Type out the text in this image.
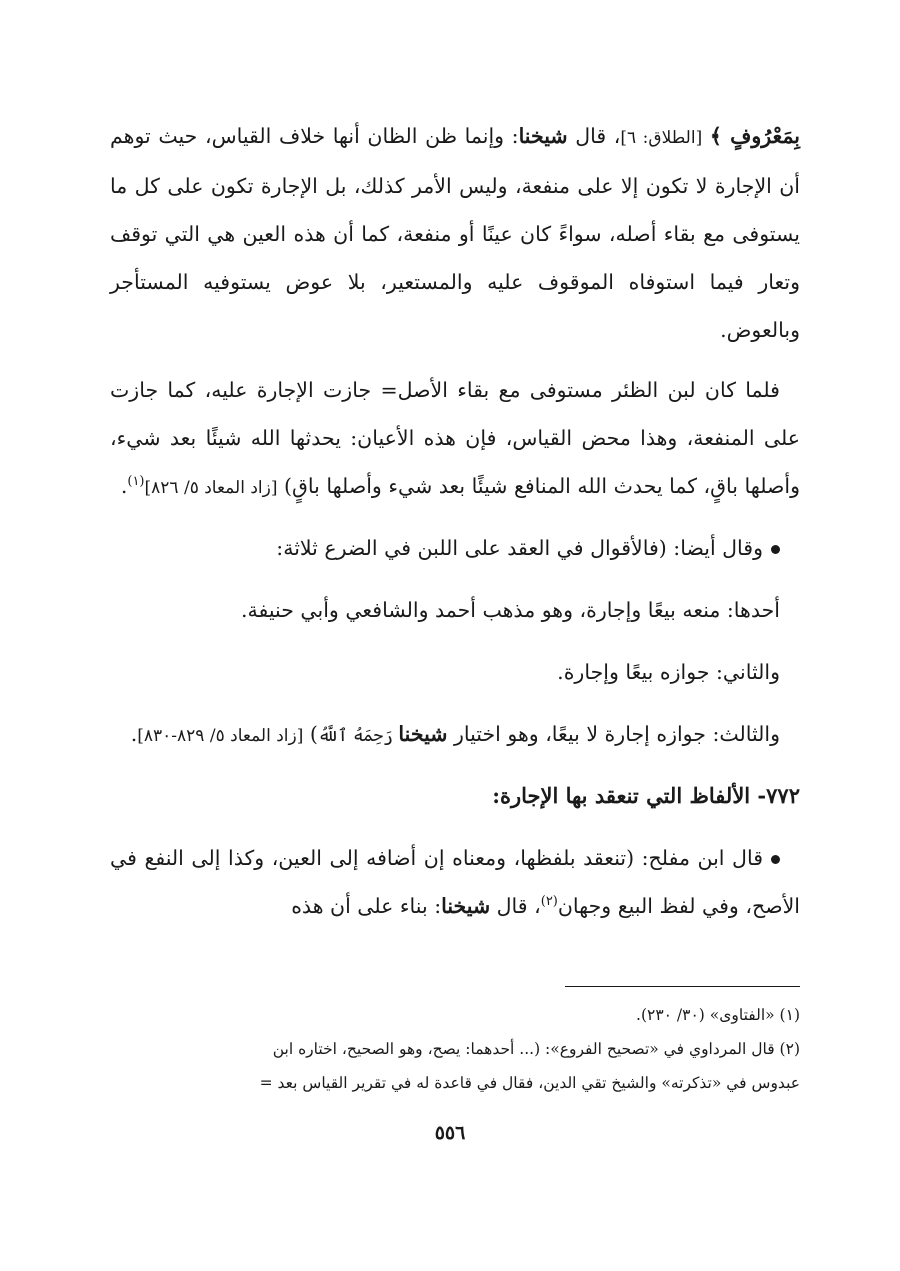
بِمَعْرُوفٍ ﴾ [الطلاق: ٦]، قال شيخنا: وإنما ظن الظان أنها خلاف القياس، حيث توهم أن الإجارة لا تكون إلا على منفعة، وليس الأمر كذلك، بل الإجارة تكون على كل ما يستوفى مع بقاء أصله، سواءً كان عينًا أو منفعة، كما أن هذه العين هي التي توقف وتعار فيما استوفاه الموقوف عليه والمستعير، بلا عوض يستوفيه المستأجر وبالعوض.

فلما كان لبن الظئر مستوفى مع بقاء الأصل= جازت الإجارة عليه، كما جازت على المنفعة، وهذا محض القياس، فإن هذه الأعيان: يحدثها الله شيئًا بعد شيء، وأصلها باقٍ، كما يحدث الله المنافع شيئًا بعد شيء وأصلها باقٍ) [زاد المعاد ٥/ ٨٢٦]$^{(١)}$.

وقال أيضا: (فالأقوال في العقد على اللبن في الضرع ثلاثة:

أحدها: منعه بيعًا وإجارة، وهو مذهب أحمد والشافعي وأبي حنيفة.

والثاني: جوازه بيعًا وإجارة.

والثالث: جوازه إجارة لا بيعًا، وهو اختيار شيخنا رَحِمَهُ ٱللَّهُ) [زاد المعاد ٥/ ٨٢٩-٨٣٠].

٧٧٢- الألفاظ التي تنعقد بها الإجارة:

قال ابن مفلح: (تنعقد بلفظها، ومعناه إن أضافه إلى العين، وكذا إلى النفع في الأصح، وفي لفظ البيع وجهان$^{(٢)}$، قال شيخنا: بناء على أن هذه

(١) «الفتاوى» (٣٠/ ٢٣٠).

(٢) قال المرداوي في «تصحيح الفروع»: (... أحدهما: يصح، وهو الصحيح، اختاره ابن

عبدوس في «تذكرته» والشيخ تقي الدين، فقال في قاعدة له في تقرير القياس بعد =

٥٥٦
